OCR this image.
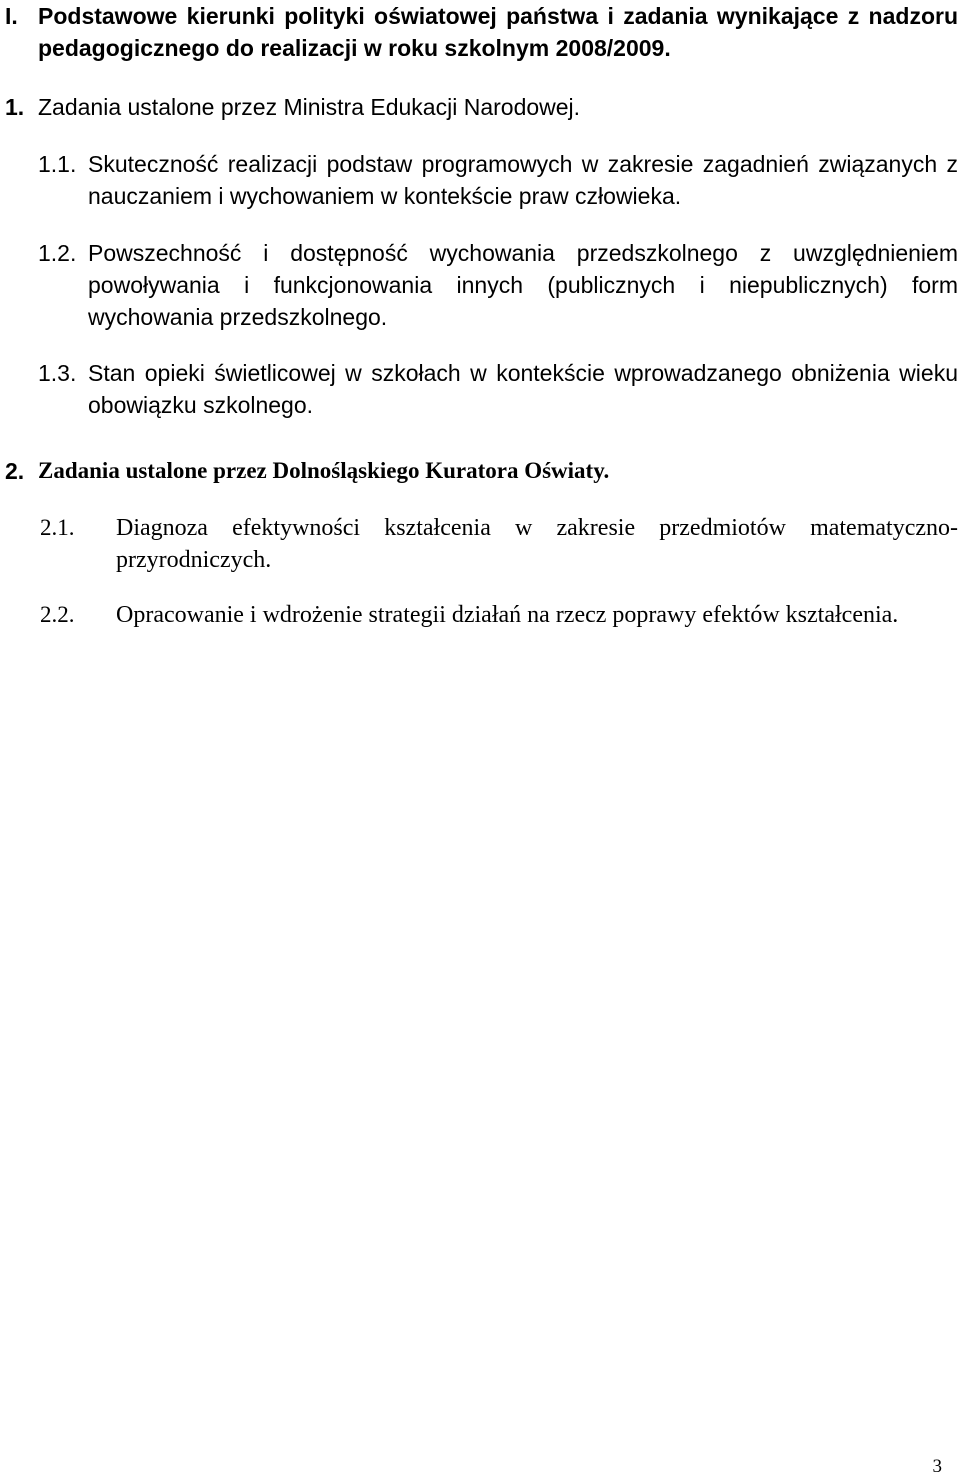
I. Podstawowe kierunki polityki oświatowej państwa i zadania wynikające z nadzoru pedagogicznego do realizacji w roku szkolnym 2008/2009.
1. Zadania ustalone przez Ministra Edukacji Narodowej.
1.1. Skuteczność realizacji podstaw programowych w zakresie zagadnień związanych z nauczaniem i wychowaniem w kontekście praw człowieka.
1.2. Powszechność i dostępność wychowania przedszkolnego z uwzględnieniem powoływania i funkcjonowania innych (publicznych i niepublicznych) form wychowania przedszkolnego.
1.3. Stan opieki świetlicowej w szkołach w kontekście wprowadzanego obniżenia wieku obowiązku szkolnego.
2. Zadania ustalone przez Dolnośląskiego Kuratora Oświaty.
2.1. Diagnoza efektywności kształcenia w zakresie przedmiotów matematyczno-przyrodniczych.
2.2. Opracowanie i wdrożenie strategii działań na rzecz poprawy efektów kształcenia.
3
